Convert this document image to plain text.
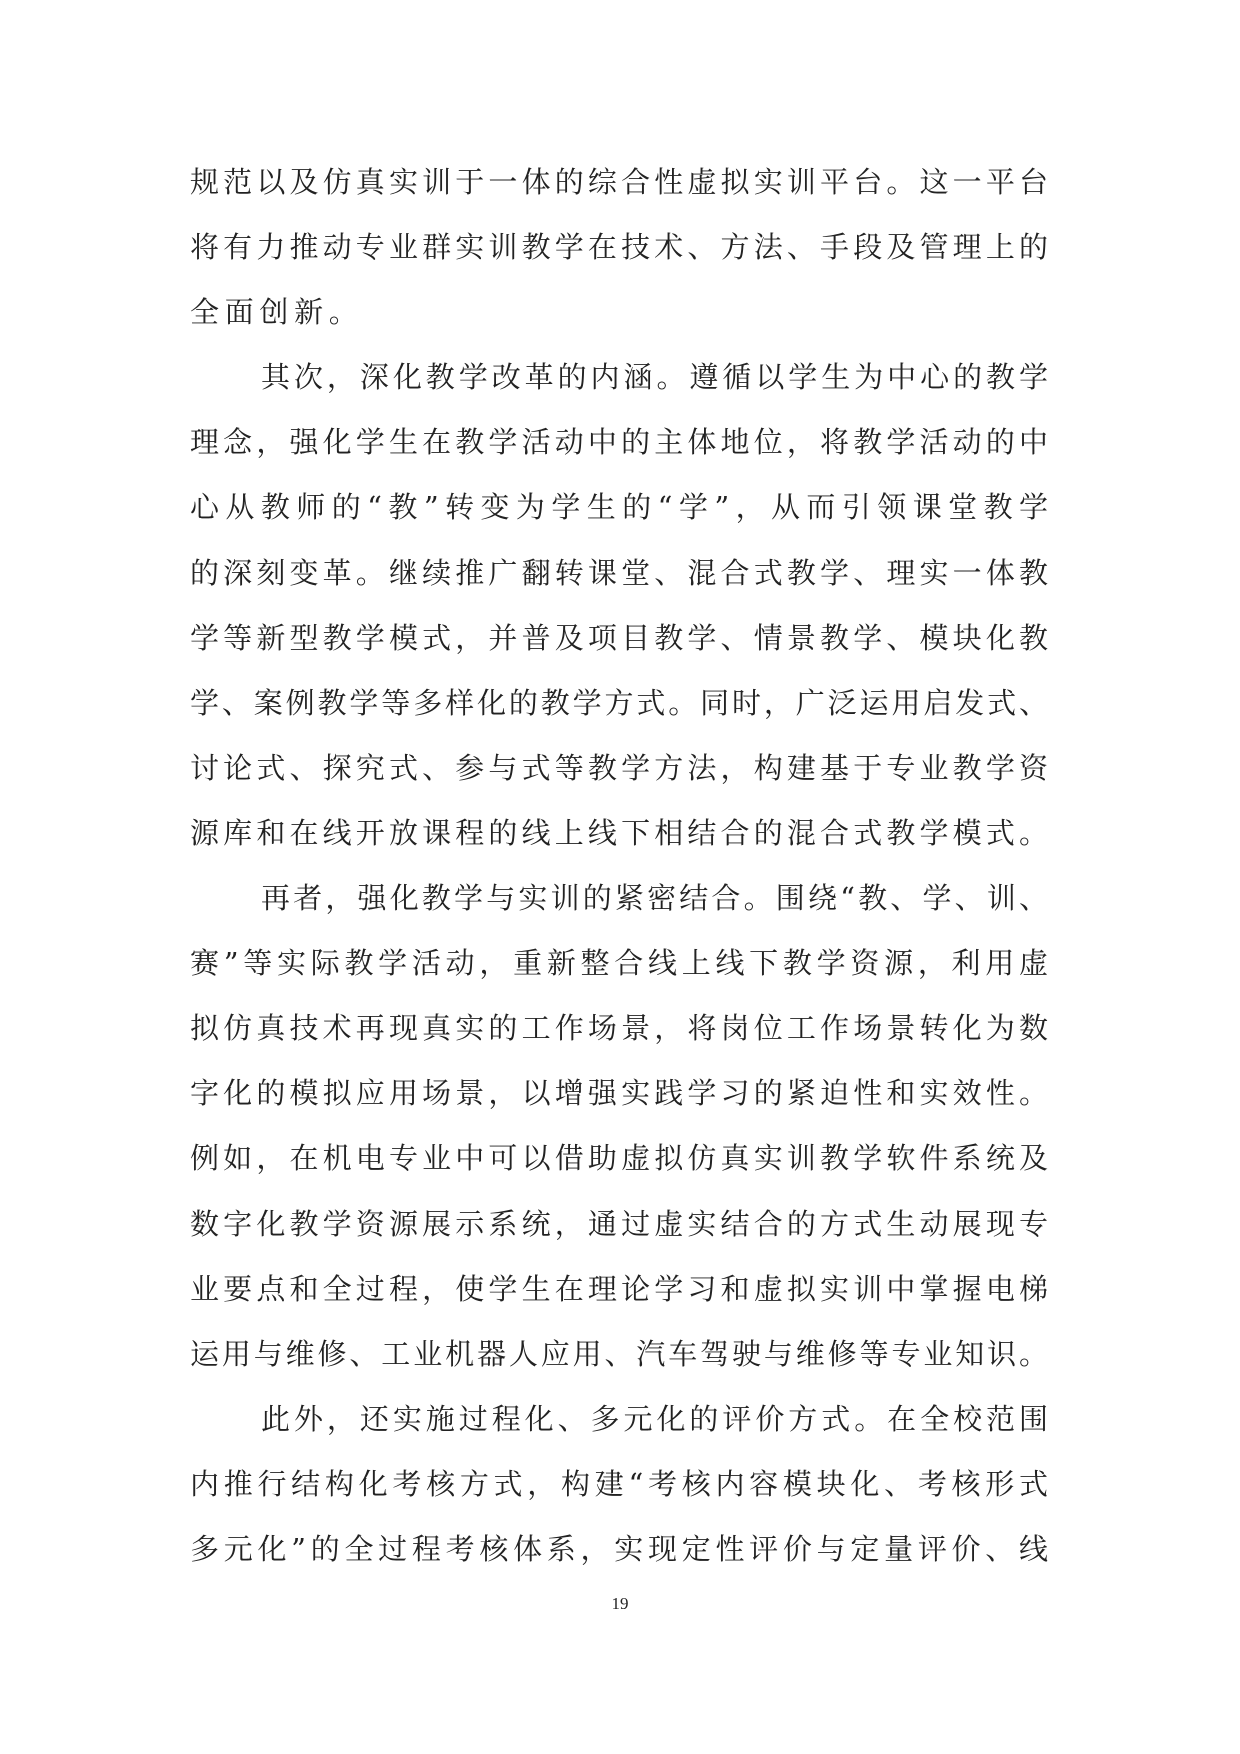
规范以及仿真实训于一体的综合性虚拟实训平台。这一平台
将有力推动专业群实训教学在技术、方法、手段及管理上的
全面创新。
其次，深化教学改革的内涵。遵循以学生为中心的教学
理念，强化学生在教学活动中的主体地位，将教学活动的中
心从教师的“教”转变为学生的“学”，从而引领课堂教学
的深刻变革。继续推广翻转课堂、混合式教学、理实一体教
学等新型教学模式，并普及项目教学、情景教学、模块化教
学、案例教学等多样化的教学方式。同时，广泛运用启发式、
讨论式、探究式、参与式等教学方法，构建基于专业教学资
源库和在线开放课程的线上线下相结合的混合式教学模式。
再者，强化教学与实训的紧密结合。围绕“教、学、训、
赛”等实际教学活动，重新整合线上线下教学资源，利用虚
拟仿真技术再现真实的工作场景，将岗位工作场景转化为数
字化的模拟应用场景，以增强实践学习的紧迫性和实效性。
例如，在机电专业中可以借助虚拟仿真实训教学软件系统及
数字化教学资源展示系统，通过虚实结合的方式生动展现专
业要点和全过程，使学生在理论学习和虚拟实训中掌握电梯
运用与维修、工业机器人应用、汽车驾驶与维修等专业知识。
此外，还实施过程化、多元化的评价方式。在全校范围
内推行结构化考核方式，构建“考核内容模块化、考核形式
多元化”的全过程考核体系，实现定性评价与定量评价、线
19
